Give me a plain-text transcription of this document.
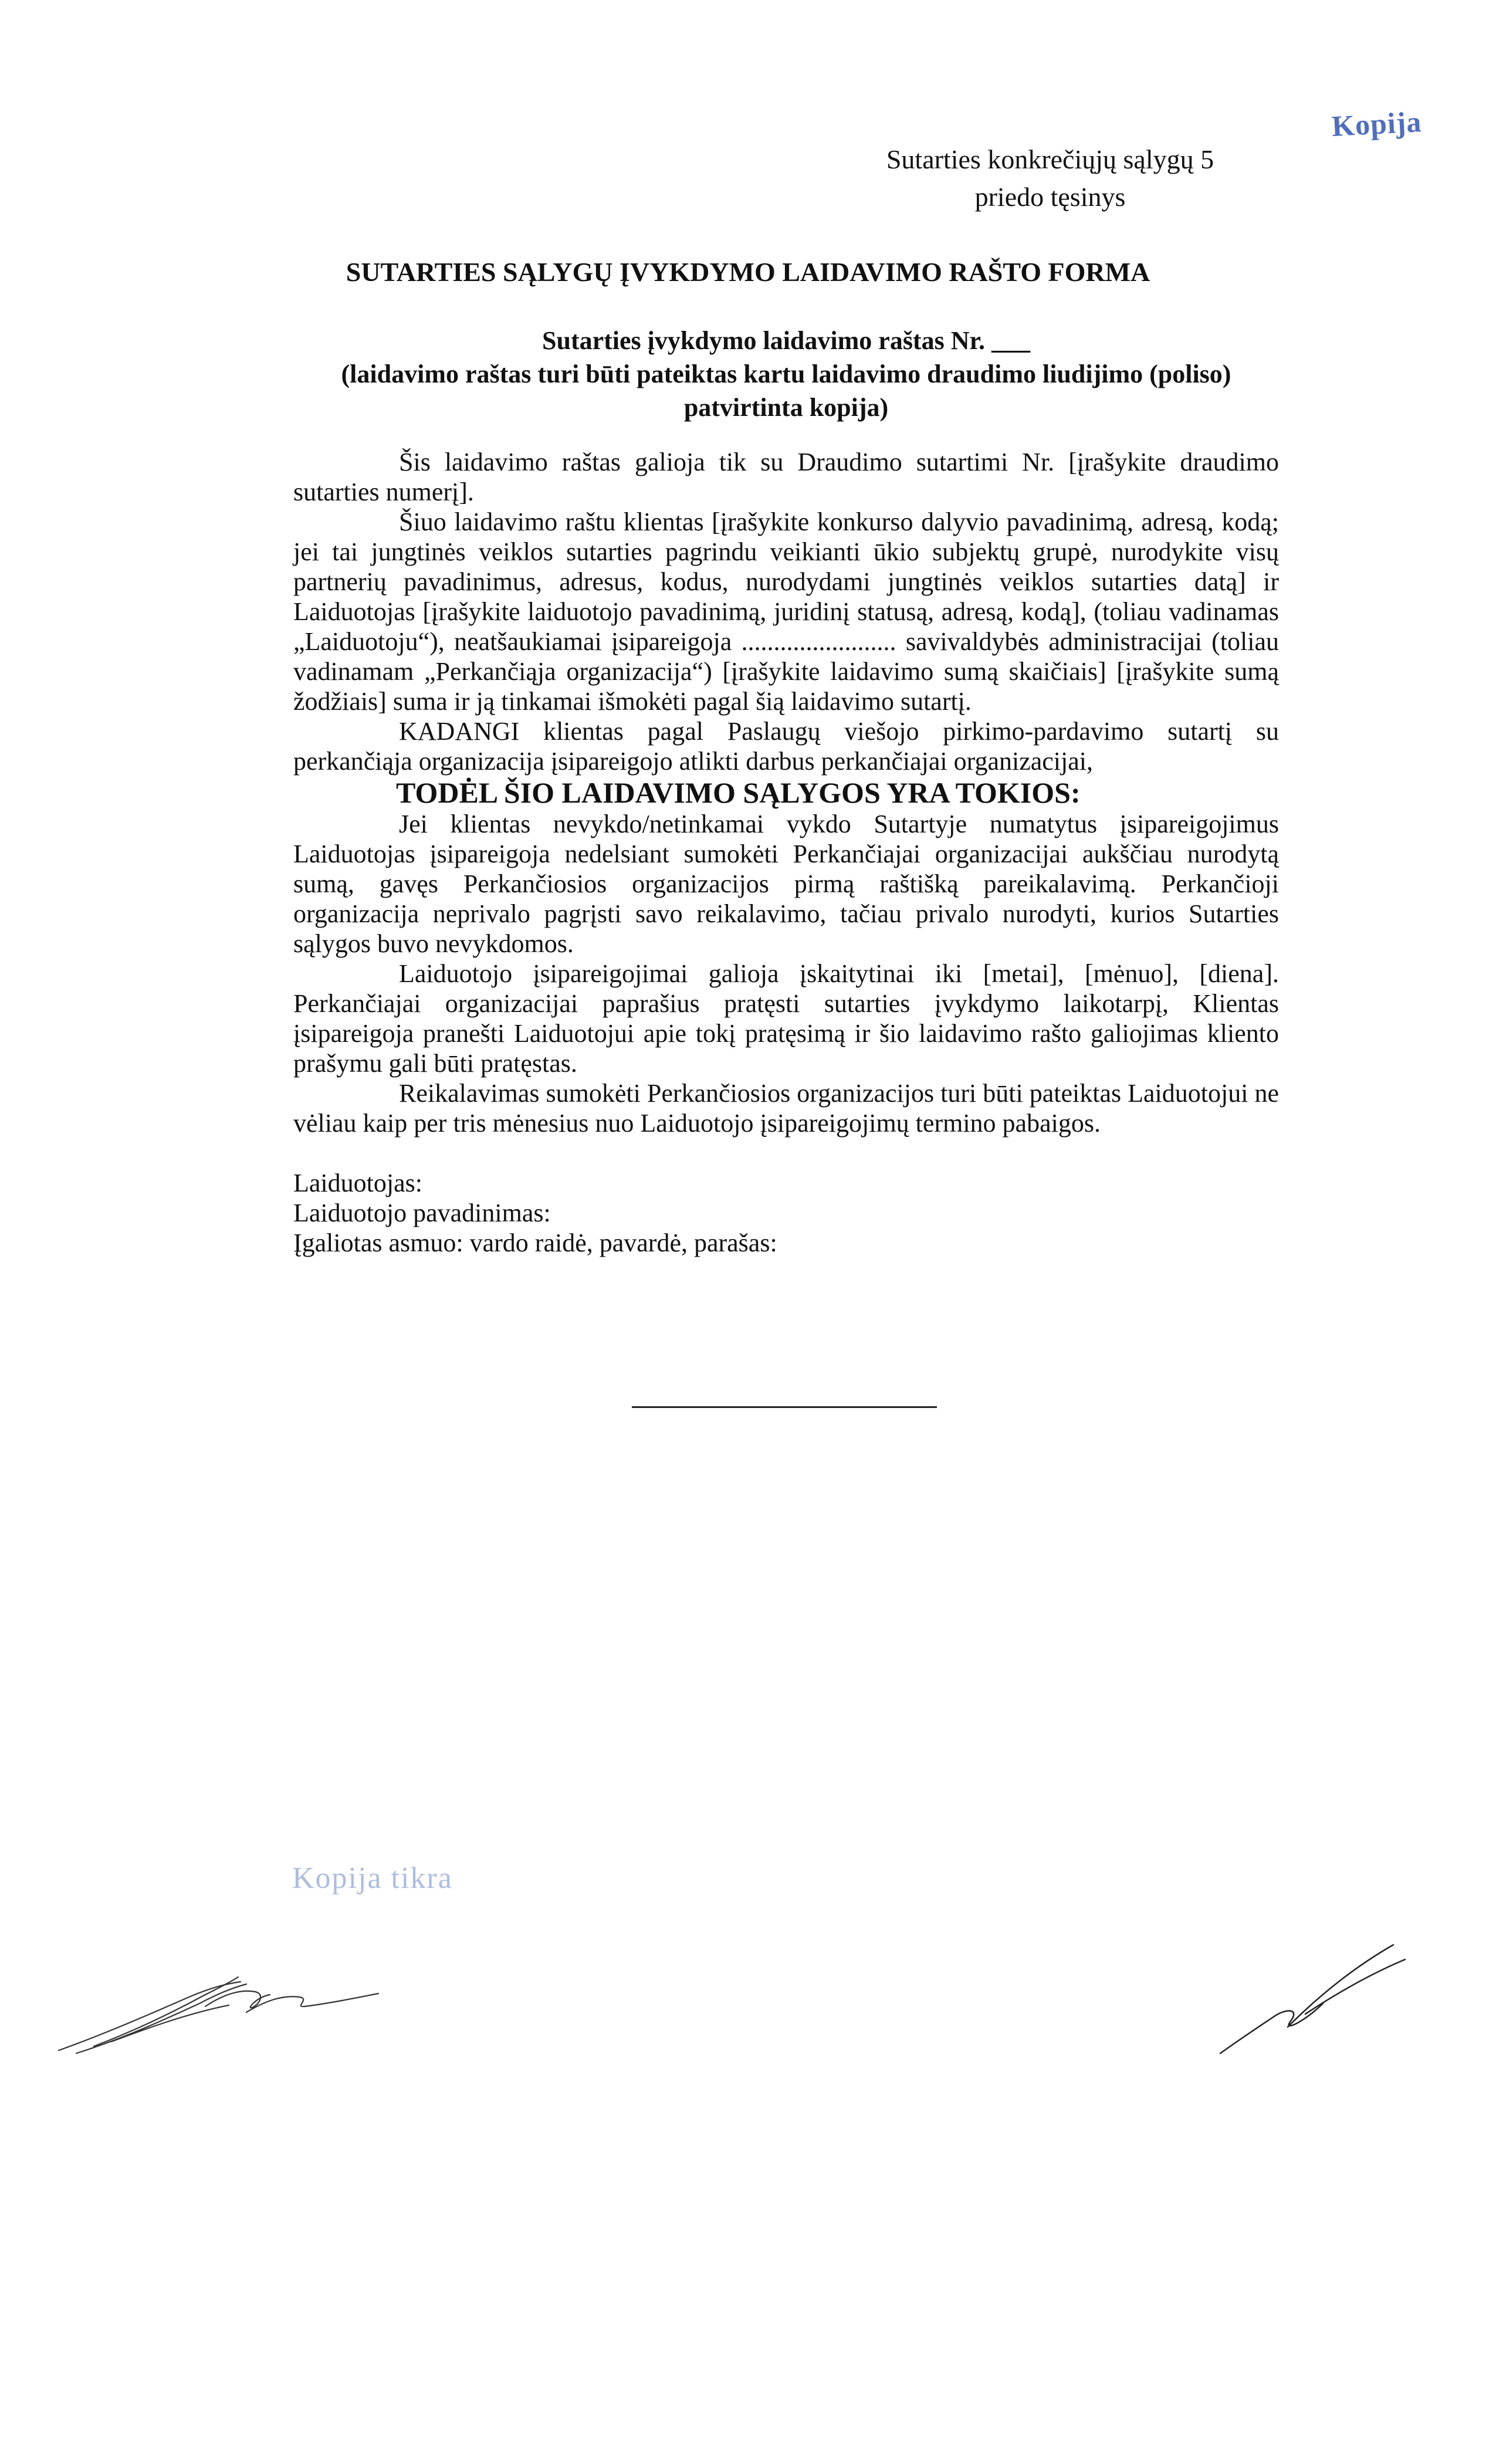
Kopija
Sutarties konkrečiųjų sąlygų 5
priedo tęsinys
SUTARTIES SĄLYGŲ ĮVYKDYMO LAIDAVIMO RAŠTO FORMA
Sutarties įvykdymo laidavimo raštas Nr. ___
(laidavimo raštas turi būti pateiktas kartu laidavimo draudimo liudijimo (poliso)
patvirtinta kopija)

Šis laidavimo raštas galioja tik su Draudimo sutartimi Nr. [įrašykite draudimo sutarties numerį].

Šiuo laidavimo raštu klientas [įrašykite konkurso dalyvio pavadinimą, adresą, kodą; jei tai jungtinės veiklos sutarties pagrindu veikianti ūkio subjektų grupė, nurodykite visų partnerių pavadinimus, adresus, kodus, nurodydami jungtinės veiklos sutarties datą] ir Laiduotojas [įrašykite laiduotojo pavadinimą, juridinį statusą, adresą, kodą], (toliau vadinamas „Laiduotoju“), neatšaukiamai įsipareigoja ........................ savivaldybės administracijai (toliau vadinamam „Perkančiąja organizacija“) [įrašykite laidavimo sumą skaičiais] [įrašykite sumą žodžiais] suma ir ją tinkamai išmokėti pagal šią laidavimo sutartį.

KADANGI klientas pagal Paslaugų viešojo pirkimo-pardavimo sutartį su perkančiąja organizacija įsipareigojo atlikti darbus perkančiajai organizacijai,

TODĖL ŠIO LAIDAVIMO SĄLYGOS YRA TOKIOS:

Jei klientas nevykdo/netinkamai vykdo Sutartyje numatytus įsipareigojimus Laiduotojas įsipareigoja nedelsiant sumokėti Perkančiajai organizacijai aukščiau nurodytą sumą, gavęs Perkančiosios organizacijos pirmą raštišką pareikalavimą. Perkančioji organizacija neprivalo pagrįsti savo reikalavimo, tačiau privalo nurodyti, kurios Sutarties sąlygos buvo nevykdomos.

Laiduotojo įsipareigojimai galioja įskaitytinai iki [metai], [mėnuo], [diena]. Perkančiajai organizacijai paprašius pratęsti sutarties įvykdymo laikotarpį, Klientas įsipareigoja pranešti Laiduotojui apie tokį pratęsimą ir šio laidavimo rašto galiojimas kliento prašymu gali būti pratęstas.

Reikalavimas sumokėti Perkančiosios organizacijos turi būti pateiktas Laiduotojui ne vėliau kaip per tris mėnesius nuo Laiduotojo įsipareigojimų termino pabaigos.

Laiduotojas:

Laiduotojo pavadinimas:

Įgaliotas asmuo: vardo raidė, pavardė, parašas:

Kopija tikra
